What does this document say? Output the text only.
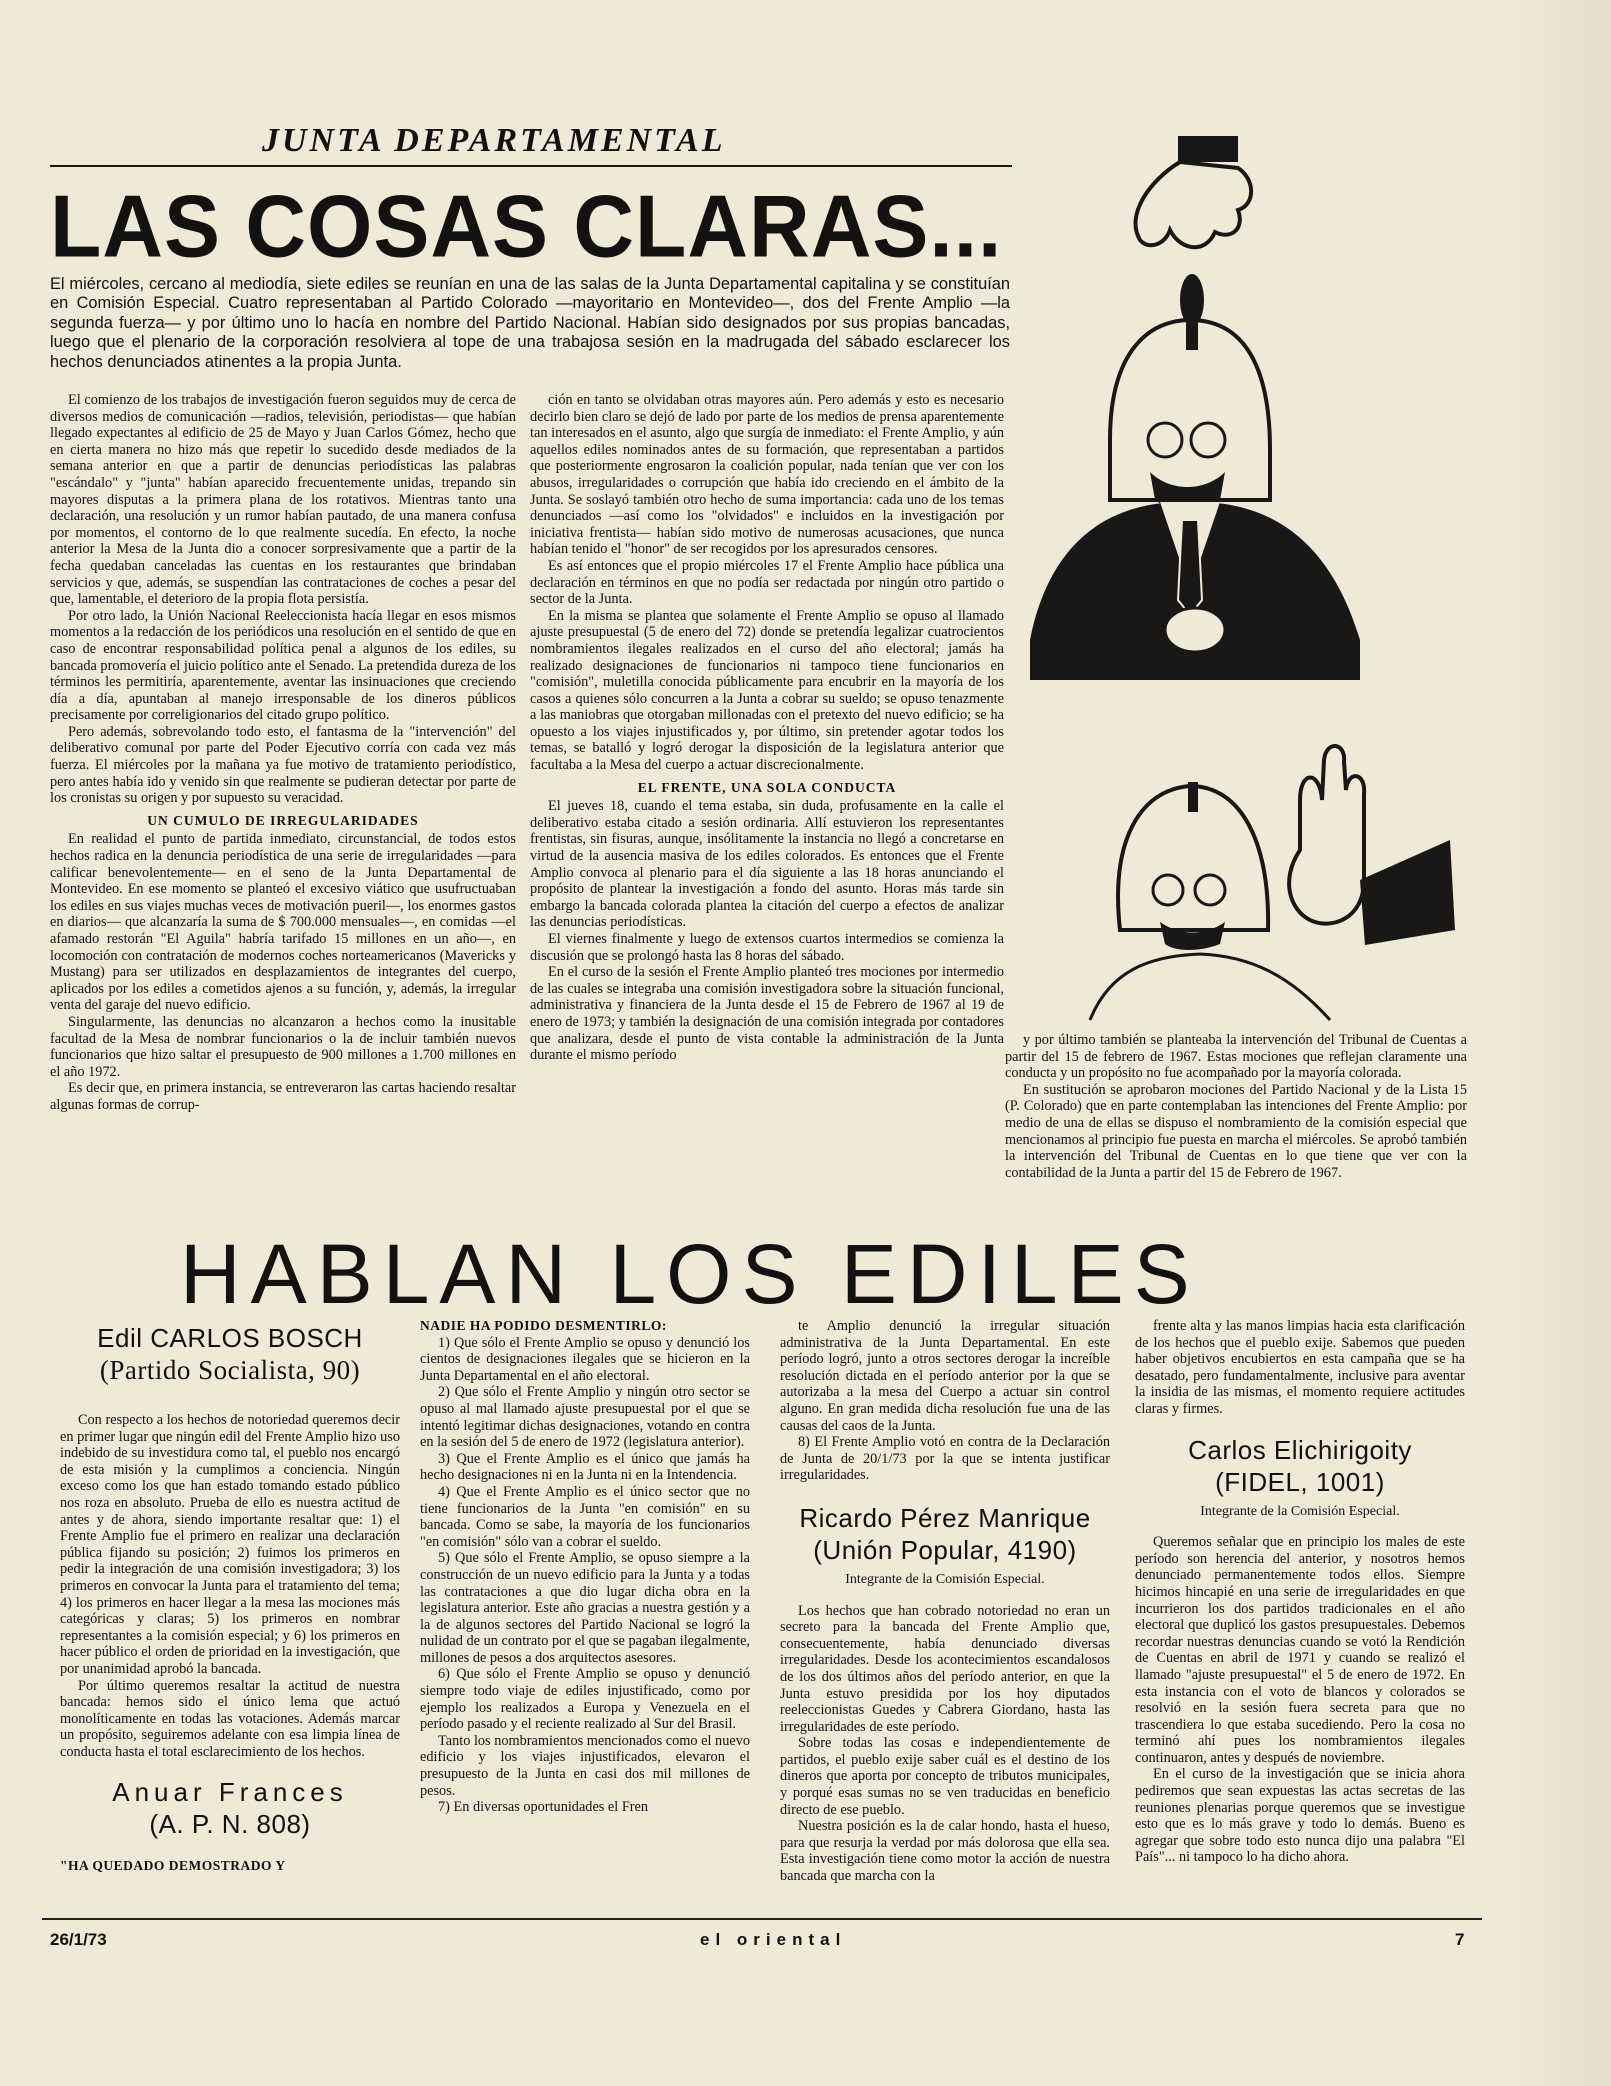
JUNTA DEPARTAMENTAL
LAS COSAS CLARAS...

El miércoles, cercano al mediodía, siete ediles se reunían en una de las salas de la Junta Departamental capitalina y se constituían en Comisión Especial. Cuatro representaban al Partido Colorado —mayoritario en Montevideo—, dos del Frente Amplio —la segunda fuerza— y por último uno lo hacía en nombre del Partido Nacional. Habían sido designados por sus propias bancadas, luego que el plenario de la corporación resolviera al tope de una trabajosa sesión en la madrugada del sábado esclarecer los hechos denunciados atinentes a la propia Junta.

El comienzo de los trabajos de investigación fueron seguidos muy de cerca de diversos medios de comunicación —radios, televisión, periodistas— que habían llegado expectantes al edificio de 25 de Mayo y Juan Carlos Gómez, hecho que en cierta manera no hizo más que repetir lo sucedido desde mediados de la semana anterior en que a partir de denuncias periodísticas las palabras "escándalo" y "junta" habían aparecido frecuentemente unidas, trepando sin mayores disputas a la primera plana de los rotativos. Mientras tanto una declaración, una resolución y un rumor habían pautado, de una manera confusa por momentos, el contorno de lo que realmente sucedía. En efecto, la noche anterior la Mesa de la Junta dio a conocer sorpresivamente que a partir de la fecha quedaban canceladas las cuentas en los restaurantes que brindaban servicios y que, además, se suspendían las contrataciones de coches a pesar del que, lamentable, el deterioro de la propia flota persistía.

Por otro lado, la Unión Nacional Reeleccionista hacía llegar en esos mismos momentos a la redacción de los periódicos una resolución en el sentido de que en caso de encontrar responsabilidad política penal a algunos de los ediles, su bancada promovería el juicio político ante el Senado. La pretendida dureza de los términos les permitiría, aparentemente, aventar las insinuaciones que creciendo día a día, apuntaban al manejo irresponsable de los dineros públicos precisamente por correligionarios del citado grupo político.

Pero además, sobrevolando todo esto, el fantasma de la "intervención" del deliberativo comunal por parte del Poder Ejecutivo corría con cada vez más fuerza. El miércoles por la mañana ya fue motivo de tratamiento periodístico, pero antes había ido y venido sin que realmente se pudieran detectar por parte de los cronistas su origen y por supuesto su veracidad.

UN CUMULO DE IRREGULARIDADES

En realidad el punto de partida inmediato, circunstancial, de todos estos hechos radica en la denuncia periodística de una serie de irregularidades —para calificar benevolentemente— en el seno de la Junta Departamental de Montevideo. En ese momento se planteó el excesivo viático que usufructuaban los ediles en sus viajes muchas veces de motivación pueril—, los enormes gastos en diarios— que alcanzaría la suma de $ 700.000 mensuales—, en comidas —el afamado restorán "El Aguila" habría tarifado 15 millones en un año—, en locomoción con contratación de modernos coches norteamericanos (Mavericks y Mustang) para ser utilizados en desplazamientos de integrantes del cuerpo, aplicados por los ediles a cometidos ajenos a su función, y, además, la irregular venta del garaje del nuevo edificio.

Singularmente, las denuncias no alcanzaron a hechos como la inusitable facultad de la Mesa de nombrar funcionarios o la de incluir también nuevos funcionarios que hizo saltar el presupuesto de 900 millones a 1.700 millones en el año 1972.

Es decir que, en primera instancia, se entreveraron las cartas haciendo resaltar algunas formas de corrup-

ción en tanto se olvidaban otras mayores aún. Pero además y esto es necesario decirlo bien claro se dejó de lado por parte de los medios de prensa aparentemente tan interesados en el asunto, algo que surgía de inmediato: el Frente Amplio, y aún aquellos ediles nominados antes de su formación, que representaban a partidos que posteriormente engrosaron la coalición popular, nada tenían que ver con los abusos, irregularidades o corrupción que había ido creciendo en el ámbito de la Junta. Se soslayó también otro hecho de suma importancia: cada uno de los temas denunciados —así como los "olvidados" e incluidos en la investigación por iniciativa frentista— habían sido motivo de numerosas acusaciones, que nunca habían tenido el "honor" de ser recogidos por los apresurados censores.

Es así entonces que el propio miércoles 17 el Frente Amplio hace pública una declaración en términos en que no podía ser redactada por ningún otro partido o sector de la Junta.

En la misma se plantea que solamente el Frente Amplio se opuso al llamado ajuste presupuestal (5 de enero del 72) donde se pretendía legalizar cuatrocientos nombramientos ilegales realizados en el curso del año electoral; jamás ha realizado designaciones de funcionarios ni tampoco tiene funcionarios en "comisión", muletilla conocida públicamente para encubrir en la mayoría de los casos a quienes sólo concurren a la Junta a cobrar su sueldo; se opuso tenazmente a las maniobras que otorgaban millonadas con el pretexto del nuevo edificio; se ha opuesto a los viajes injustificados y, por último, sin pretender agotar todos los temas, se batalló y logró derogar la disposición de la legislatura anterior que facultaba a la Mesa del cuerpo a actuar discrecionalmente.

EL FRENTE, UNA SOLA CONDUCTA

El jueves 18, cuando el tema estaba, sin duda, profusamente en la calle el deliberativo estaba citado a sesión ordinaria. Allí estuvieron los representantes frentistas, sin fisuras, aunque, insólitamente la instancia no llegó a concretarse en virtud de la ausencia masiva de los ediles colorados. Es entonces que el Frente Amplio convoca al plenario para el día siguiente a las 18 horas anunciando el propósito de plantear la investigación a fondo del asunto. Horas más tarde sin embargo la bancada colorada plantea la citación del cuerpo a efectos de analizar las denuncias periodísticas.

El viernes finalmente y luego de extensos cuartos intermedios se comienza la discusión que se prolongó hasta las 8 horas del sábado.

En el curso de la sesión el Frente Amplio planteó tres mociones por intermedio de las cuales se integraba una comisión investigadora sobre la situación funcional, administrativa y financiera de la Junta desde el 15 de Febrero de 1967 al 19 de enero de 1973; y también la designación de una comisión integrada por contadores que analizara, desde el punto de vista contable la administración de la Junta durante el mismo período

y por último también se planteaba la intervención del Tribunal de Cuentas a partir del 15 de febrero de 1967. Estas mociones que reflejan claramente una conducta y un propósito no fue acompañado por la mayoría colorada.

En sustitución se aprobaron mociones del Partido Nacional y de la Lista 15 (P. Colorado) que en parte contemplaban las intenciones del Frente Amplio: por medio de una de ellas se dispuso el nombramiento de la comisión especial que mencionamos al principio fue puesta en marcha el miércoles. Se aprobó también la intervención del Tribunal de Cuentas en lo que tiene que ver con la contabilidad de la Junta a partir del 15 de Febrero de 1967.

HABLAN LOS EDILES
Edil CARLOS BOSCH
(Partido Socialista, 90)

Con respecto a los hechos de notoriedad queremos decir en primer lugar que ningún edil del Frente Amplio hizo uso indebido de su investidura como tal, el pueblo nos encargó de esta misión y la cumplimos a conciencia. Ningún exceso como los que han estado tomando estado público nos roza en absoluto. Prueba de ello es nuestra actitud de antes y de ahora, siendo importante resaltar que: 1) el Frente Amplio fue el primero en realizar una declaración pública fijando su posición; 2) fuimos los primeros en pedir la integración de una comisión investigadora; 3) los primeros en convocar la Junta para el tratamiento del tema; 4) los primeros en hacer llegar a la mesa las mociones más categóricas y claras; 5) los primeros en nombrar representantes a la comisión especial; y 6) los primeros en hacer público el orden de prioridad en la investigación, que por unanimidad aprobó la bancada.

Por último queremos resaltar la actitud de nuestra bancada: hemos sido el único lema que actuó monolíticamente en todas las votaciones. Además marcar un propósito, seguiremos adelante con esa limpia línea de conducta hasta el total esclarecimiento de los hechos.

Anuar Frances
(A. P. N. 808)
"HA QUEDADO DEMOSTRADO Y
NADIE HA PODIDO DESMENTIRLO:

1) Que sólo el Frente Amplio se opuso y denunció los cientos de designaciones ilegales que se hicieron en la Junta Departamental en el año electoral.

2) Que sólo el Frente Amplio y ningún otro sector se opuso al mal llamado ajuste presupuestal por el que se intentó legitimar dichas designaciones, votando en contra en la sesión del 5 de enero de 1972 (legislatura anterior).

3) Que el Frente Amplio es el único que jamás ha hecho designaciones ni en la Junta ni en la Intendencia.

4) Que el Frente Amplio es el único sector que no tiene funcionarios de la Junta "en comisión" en su bancada. Como se sabe, la mayoría de los funcionarios "en comisión" sólo van a cobrar el sueldo.

5) Que sólo el Frente Amplio, se opuso siempre a la construcción de un nuevo edificio para la Junta y a todas las contrataciones a que dio lugar dicha obra en la legislatura anterior. Este año gracias a nuestra gestión y a la de algunos sectores del Partido Nacional se logró la nulidad de un contrato por el que se pagaban ilegalmente, millones de pesos a dos arquitectos asesores.

6) Que sólo el Frente Amplio se opuso y denunció siempre todo viaje de ediles injustificado, como por ejemplo los realizados a Europa y Venezuela en el período pasado y el reciente realizado al Sur del Brasil.

Tanto los nombramientos mencionados como el nuevo edificio y los viajes injustificados, elevaron el presupuesto de la Junta en casi dos mil millones de pesos.

7) En diversas oportunidades el Fren

te Amplio denunció la irregular situación administrativa de la Junta Departamental. En este período logró, junto a otros sectores derogar la increíble resolución dictada en el período anterior por la que se autorizaba a la mesa del Cuerpo a actuar sin control alguno. En gran medida dicha resolución fue una de las causas del caos de la Junta.

8) El Frente Amplio votó en contra de la Declaración de Junta de 20/1/73 por la que se intenta justificar irregularidades.

Ricardo Pérez Manrique
(Unión Popular, 4190)
Integrante de la Comisión Especial.

Los hechos que han cobrado notoriedad no eran un secreto para la bancada del Frente Amplio que, consecuentemente, había denunciado diversas irregularidades. Desde los acontecimientos escandalosos de los dos últimos años del período anterior, en que la Junta estuvo presidida por los hoy diputados reeleccionistas Guedes y Cabrera Giordano, hasta las irregularidades de este período.

Sobre todas las cosas e independientemente de partidos, el pueblo exije saber cuál es el destino de los dineros que aporta por concepto de tributos municipales, y porqué esas sumas no se ven traducidas en beneficio directo de ese pueblo.

Nuestra posición es la de calar hondo, hasta el hueso, para que resurja la verdad por más dolorosa que ella sea. Esta investigación tiene como motor la acción de nuestra bancada que marcha con la

frente alta y las manos limpias hacia esta clarificación de los hechos que el pueblo exije. Sabemos que pueden haber objetivos encubiertos en esta campaña que se ha desatado, pero fundamentalmente, inclusive para aventar la insidia de las mismas, el momento requiere actitudes claras y firmes.

Carlos Elichirigoity
(FIDEL, 1001)
Integrante de la Comisión Especial.

Queremos señalar que en principio los males de este período son herencia del anterior, y nosotros hemos denunciado permanentemente todos ellos. Siempre hicimos hincapié en una serie de irregularidades en que incurrieron los dos partidos tradicionales en el año electoral que duplicó los gastos presupuestales. Debemos recordar nuestras denuncias cuando se votó la Rendición de Cuentas en abril de 1971 y cuando se realizó el llamado "ajuste presupuestal" el 5 de enero de 1972. En esta instancia con el voto de blancos y colorados se resolvió en la sesión fuera secreta para que no trascendiera lo que estaba sucediendo. Pero la cosa no terminó ahí pues los nombramientos ilegales continuaron, antes y después de noviembre.

En el curso de la investigación que se inicia ahora pediremos que sean expuestas las actas secretas de las reuniones plenarias porque queremos que se investigue esto que es lo más grave y todo lo demás. Bueno es agregar que sobre todo esto nunca dijo una palabra "El País"... ni tampoco lo ha dicho ahora.

26/1/73	el oriental	7
